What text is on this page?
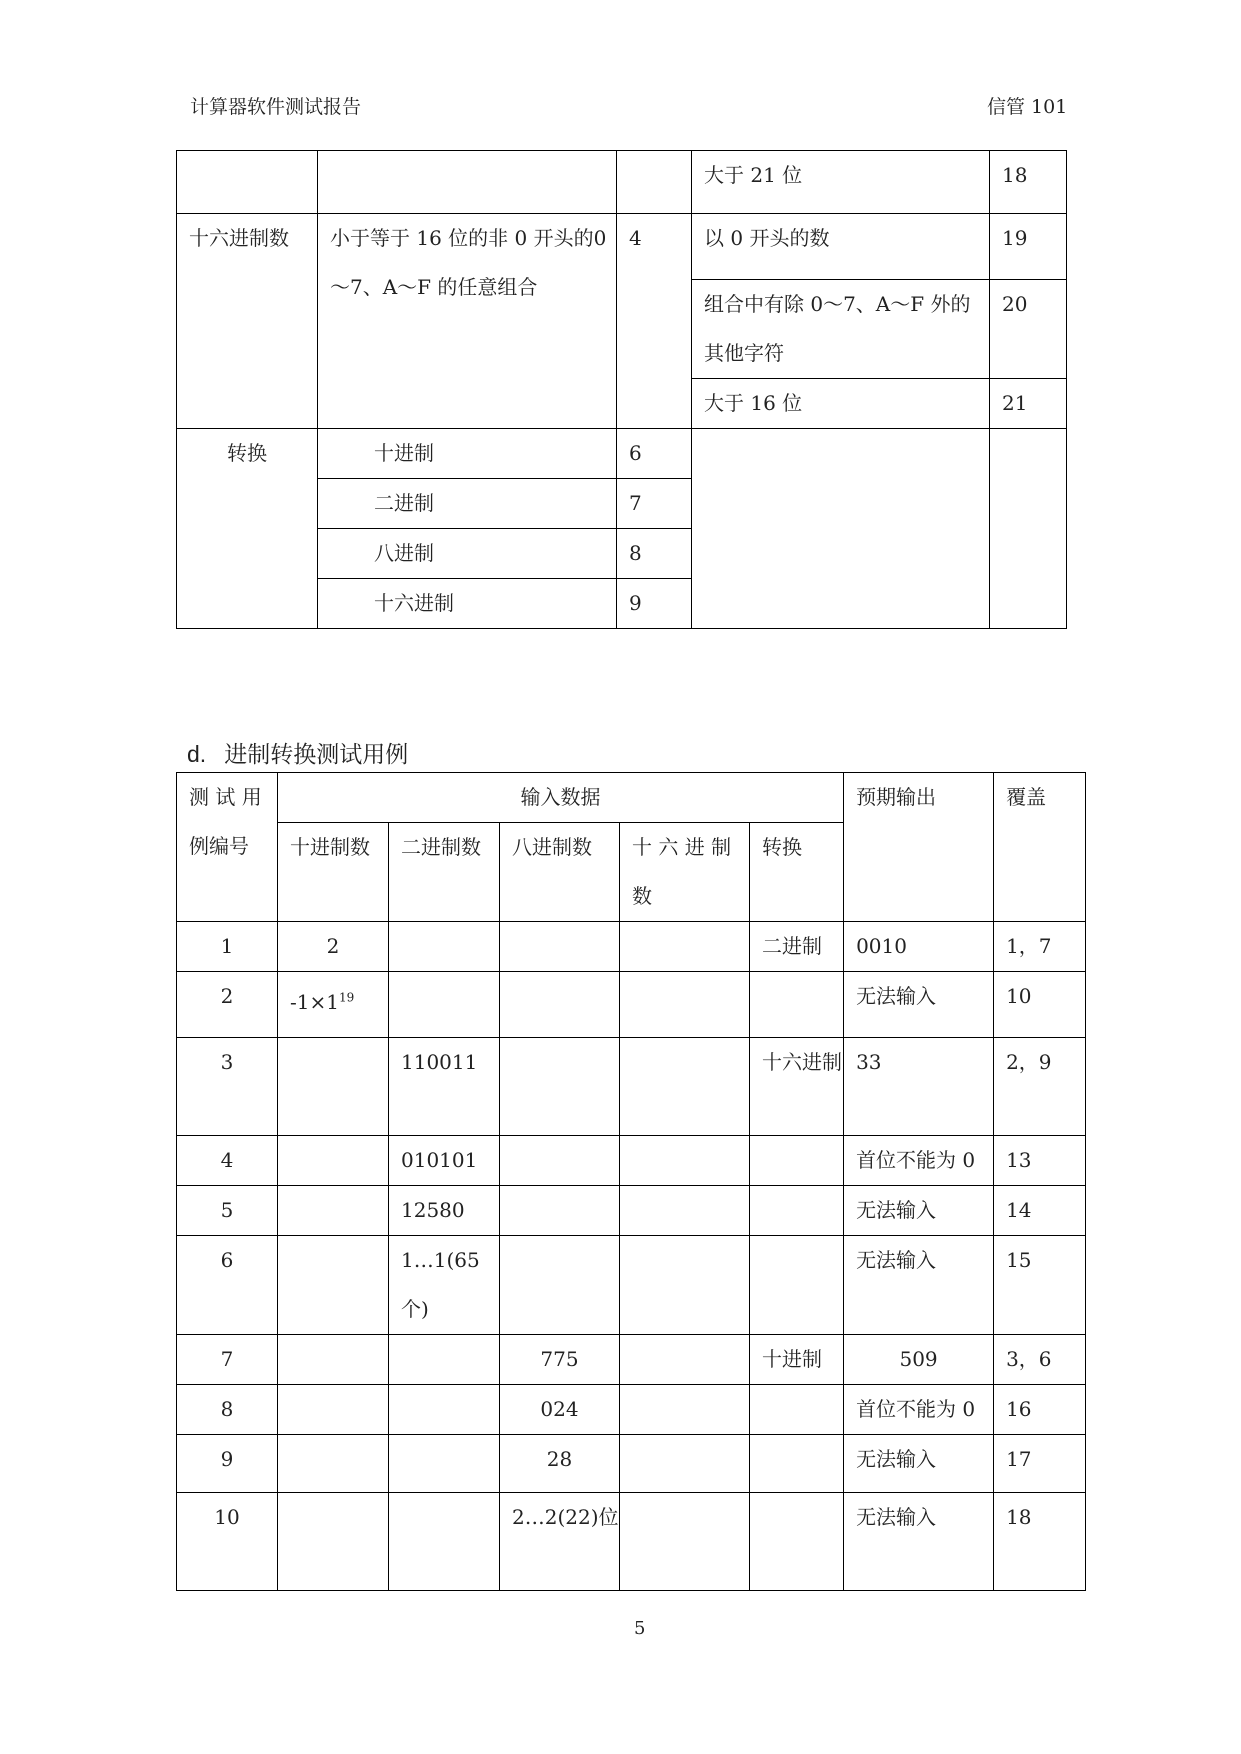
计算器软件测试报告	信管 101
			大于 21 位	18
十六进制数	小于等于 16 位的非 0 开头的0～7、A～F 的任意组合	4	以 0 开头的数	19
			组合中有除 0～7、A～F 外的其他字符	20
			大于 16 位	21
转换	十进制	6		
	二进制	7		
	八进制	8		
	十六进制	9		
d. 进制转换测试用例
测 试 用例编号	输入数据					预期输出	覆盖
	十进制数	二进制数	八进制数	十 六 进 制数	转换		
1	2				二进制	0010	1，7
2	$-1\times 1^{19}$					无法输入	10
3		110011			十六进制	33	2，9
4		010101				首位不能为 0	13
5		12580				无法输入	14
6		1…1(65个)				无法输入	15
7			775		十进制	509	3，6
8			024			首位不能为 0	16
9			28			无法输入	17
10			2…2(22)位			无法输入	18
5
